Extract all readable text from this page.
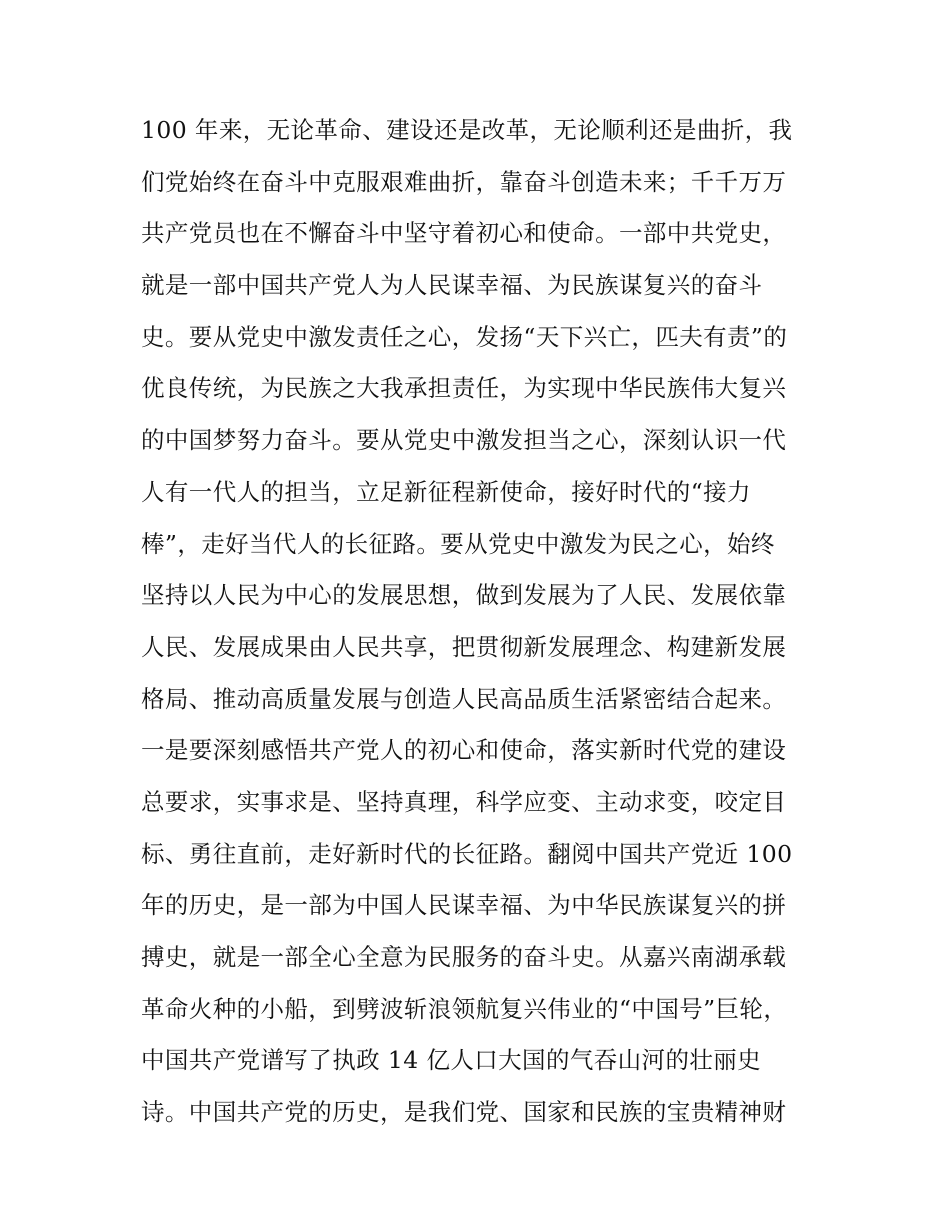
100 年来，无论革命、建设还是改革，无论顺利还是曲折，我
们党始终在奋斗中克服艰难曲折，靠奋斗创造未来；千千万万
共产党员也在不懈奋斗中坚守着初心和使命。一部中共党史，
就是一部中国共产党人为人民谋幸福、为民族谋复兴的奋斗
史。要从党史中激发责任之心，发扬“天下兴亡，匹夫有责”的
优良传统，为民族之大我承担责任，为实现中华民族伟大复兴
的中国梦努力奋斗。要从党史中激发担当之心，深刻认识一代
人有一代人的担当，立足新征程新使命，接好时代的“接力
棒”，走好当代人的长征路。要从党史中激发为民之心，始终
坚持以人民为中心的发展思想，做到发展为了人民、发展依靠
人民、发展成果由人民共享，把贯彻新发展理念、构建新发展
格局、推动高质量发展与创造人民高品质生活紧密结合起来。
一是要深刻感悟共产党人的初心和使命，落实新时代党的建设
总要求，实事求是、坚持真理，科学应变、主动求变，咬定目
标、勇往直前，走好新时代的长征路。翻阅中国共产党近 100
年的历史，是一部为中国人民谋幸福、为中华民族谋复兴的拼
搏史，就是一部全心全意为民服务的奋斗史。从嘉兴南湖承载
革命火种的小船，到劈波斩浪领航复兴伟业的“中国号”巨轮，
中国共产党谱写了执政 14 亿人口大国的气吞山河的壮丽史
诗。中国共产党的历史，是我们党、国家和民族的宝贵精神财
